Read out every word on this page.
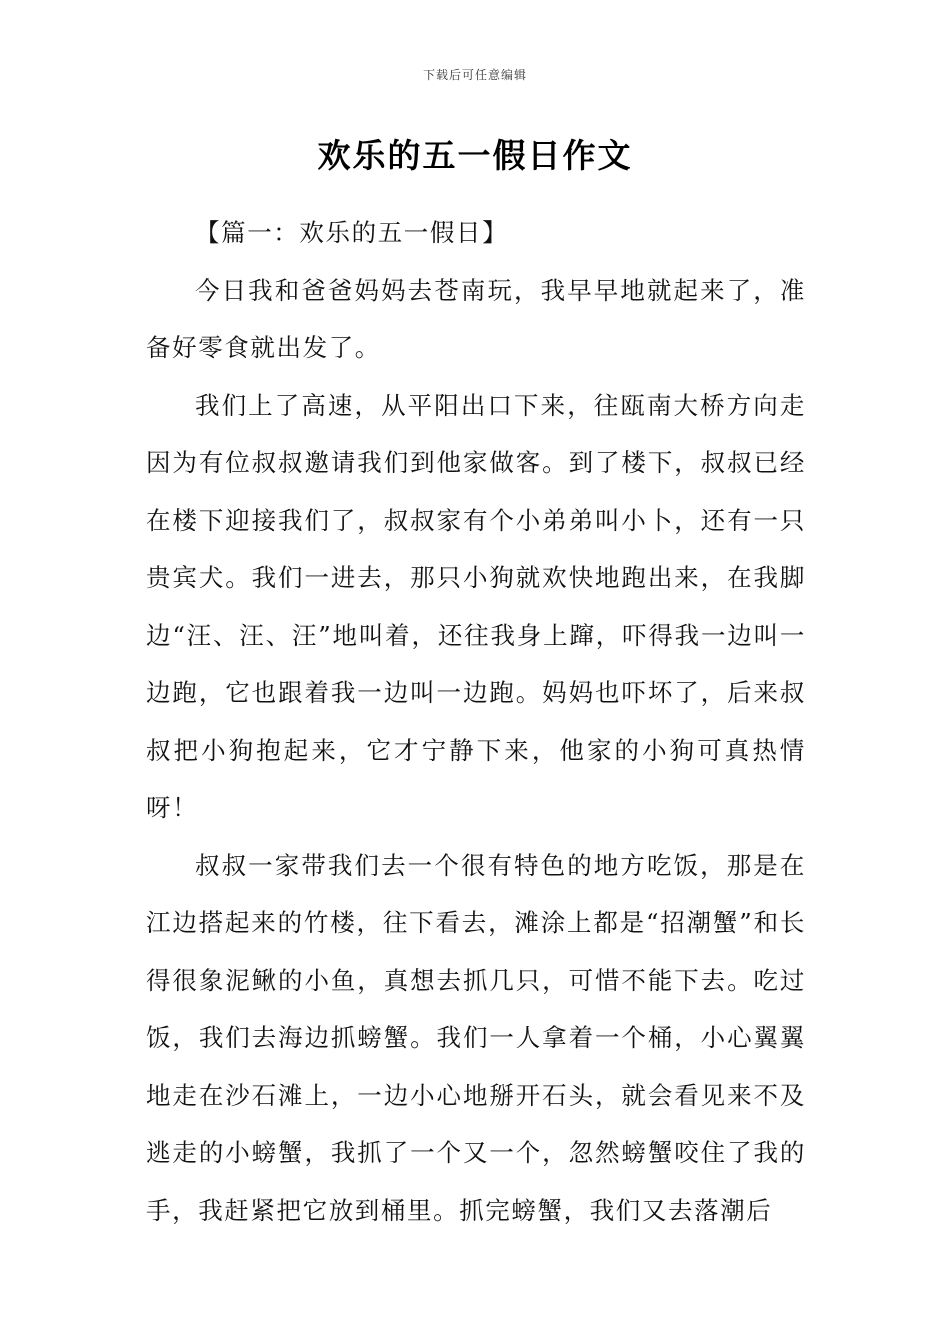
下载后可任意编辑
欢乐的五一假日作文

【篇一：欢乐的五一假日】

今日我和爸爸妈妈去苍南玩，我早早地就起来了，准备好零食就出发了。

我们上了高速，从平阳出口下来，往瓯南大桥方向走因为有位叔叔邀请我们到他家做客。到了楼下，叔叔已经在楼下迎接我们了，叔叔家有个小弟弟叫小卜，还有一只贵宾犬。我们一进去，那只小狗就欢快地跑出来，在我脚边“汪、汪、汪”地叫着，还往我身上蹿，吓得我一边叫一边跑，它也跟着我一边叫一边跑。妈妈也吓坏了，后来叔叔把小狗抱起来，它才宁静下来，他家的小狗可真热情呀！

叔叔一家带我们去一个很有特色的地方吃饭，那是在江边搭起来的竹楼，往下看去，滩涂上都是“招潮蟹”和长得很象泥鳅的小鱼，真想去抓几只，可惜不能下去。吃过饭，我们去海边抓螃蟹。我们一人拿着一个桶，小心翼翼地走在沙石滩上，一边小心地掰开石头，就会看见来不及逃走的小螃蟹，我抓了一个又一个，忽然螃蟹咬住了我的手，我赶紧把它放到桶里。抓完螃蟹，我们又去落潮后
